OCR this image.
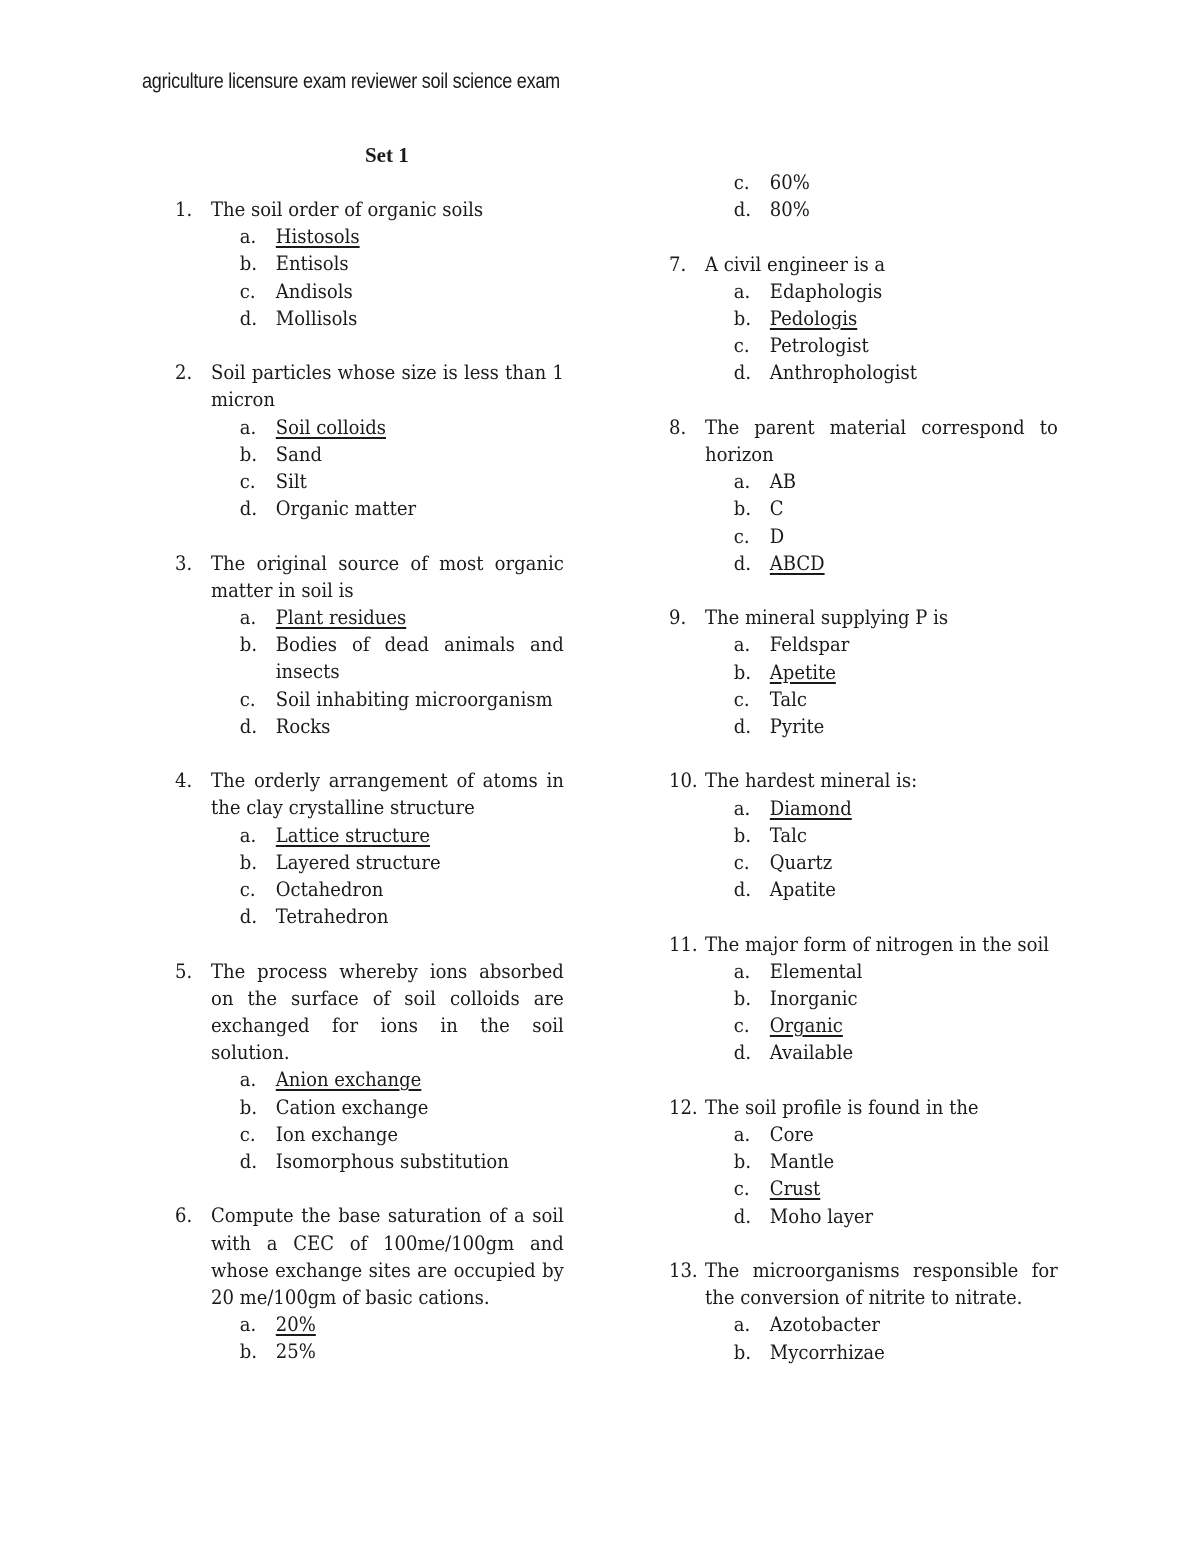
agriculture licensure exam reviewer soil science exam
Set 1
1. The soil order of organic soils
a. Histosols
b. Entisols
c.	Andisols
d. Mollisols
2. Soil particles whose size is less than 1 micron
a. Soil colloids
b. Sand
c.	Silt
d. Organic matter
3. The original source of most organic matter in soil is
a. Plant residues
b. Bodies of dead animals and insects
c.	Soil inhabiting microorganism
d. Rocks
4. The orderly arrangement of atoms in the clay crystalline structure
a. Lattice structure
b. Layered structure
c.	Octahedron
d. Tetrahedron
5. The process whereby ions absorbed on the surface of soil colloids are exchanged for ions in the soil solution.
a. Anion exchange
b. Cation exchange
c.	Ion exchange
d. Isomorphous substitution
6. Compute the base saturation of a soil with a CEC of 100me/100gm and whose exchange sites are occupied by 20 me/100gm of basic cations.
a. 20%
b. 25%
c.	60%
d. 80%
7. A civil engineer is a
a. Edaphologis
b. Pedologis
c.	Petrologist
d. Anthrophologist
8. The parent material correspond to horizon
a. AB
b. C
c.	D
d. ABCD
9. The mineral supplying P is
a. Feldspar
b. Apetite
c.	Talc
d. Pyrite
10. The hardest mineral is:
a. Diamond
b. Talc
c.	Quartz
d. Apatite
11. The major form of nitrogen in the soil
a. Elemental
b. Inorganic
c.	Organic
d. Available
12. The soil profile is found in the
a. Core
b. Mantle
c.	Crust
d. Moho layer
13. The microorganisms responsible for the conversion of nitrite to nitrate.
a. Azotobacter
b. Mycorrhizae
